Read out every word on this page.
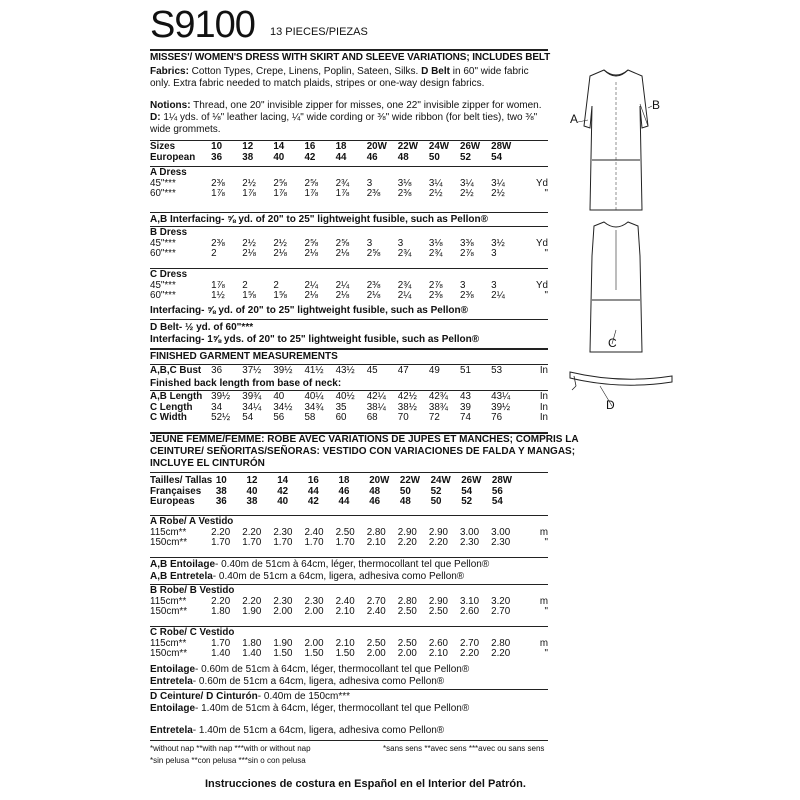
S9100 13 PIECES/PIEZAS
MISSES'/ WOMEN'S DRESS WITH SKIRT AND SLEEVE VARIATIONS; INCLUDES BELT
Fabrics: Cotton Types, Crepe, Linens, Poplin, Sateen, Silks. D Belt in 60" wide fabric only. Extra fabric needed to match plaids, stripes or one-way design fabrics.
Notions: Thread, one 20" invisible zipper for misses, one 22" invisible zipper for women. D: 1¼ yds. of ⅛" leather lacing, ¼" wide cording or ⅜" wide ribbon (for belt ties), two ⅜" wide grommets.
Sizes	10	12	14	16	18	20W	22W	24W	26W	28W	
European	36	38	40	42	44	46	48	50	52	54	
A Dress											
45"***	2⅜	2½	2⅝	2⅝	2¾	3	3⅛	3¼	3¼	3¼	Yd
60"***	1⅞	1⅞	1⅞	1⅞	1⅞	2⅜	2⅜	2½	2½	2½	"
A,B Interfacing- ⅝ yd. of 20" to 25" lightweight fusible, such as Pellon®
B Dress											
45"***	2⅜	2½	2½	2⅝	2⅝	3	3	3⅛	3⅜	3½	Yd
60"***	2	2⅛	2⅛	2⅛	2⅛	2⅝	2¾	2¾	2⅞	3	"
C Dress											
45"***	1⅞	2	2	2¼	2¼	2⅜	2¾	2⅞	3	3	Yd
60"***	1½	1⅝	1⅝	2⅛	2⅛	2⅛	2¼	2⅜	2⅜	2¼	"
Interfacing- ⅝ yd. of 20" to 25" lightweight fusible, such as Pellon®
D Belt- ½ yd. of 60"***
Interfacing- 1⅝ yds. of 20" to 25" lightweight fusible, such as Pellon®
FINISHED GARMENT MEASUREMENTS
A,B,C Bust	36	37½	39½	41½	43½	45	47	49	51	53	In
Finished back length from base of neck:
A,B Length	39½	39¾	40	40¼	40½	42¼	42½	42¾	43	43¼	In
C Length	34	34¼	34½	34¾	35	38¼	38½	38¾	39	39½	In
C Width	52½	54	56	58	60	68	70	72	74	76	In
JEUNE FEMME/FEMME: ROBE AVEC VARIATIONS DE JUPES ET MANCHES; COMPRIS LA
CEINTURE/ SEÑORITAS/SEÑORAS: VESTIDO CON VARIACIONES DE FALDA Y MANGAS;
INCLUYE EL CINTURÓN
Tailles/ Tallas	10	12	14	16	18	20W	22W	24W	26W	28W	
Françaises	38	40	42	44	46	48	50	52	54	56	
Europeas	36	38	40	42	44	46	48	50	52	54	
A Robe/ A Vestido											
115cm**	2.20	2.20	2.30	2.40	2.50	2.80	2.90	2.90	3.00	3.00	m
150cm**	1.70	1.70	1.70	1.70	1.70	2.10	2.20	2.20	2.30	2.30	"
A,B Entoilage- 0.40m de 51cm à 64cm, léger, thermocollant tel que Pellon®
A,B Entretela- 0.40m de 51cm a 64cm, ligera, adhesiva como Pellon®
B Robe/ B Vestido											
115cm**	2.20	2.20	2.30	2.30	2.40	2.70	2.80	2.90	3.10	3.20	m
150cm**	1.80	1.90	2.00	2.00	2.10	2.40	2.50	2.50	2.60	2.70	"
C Robe/ C Vestido											
115cm**	1.70	1.80	1.90	2.00	2.10	2.50	2.50	2.60	2.70	2.80	m
150cm**	1.40	1.40	1.50	1.50	1.50	2.00	2.00	2.10	2.20	2.20	"
Entoilage- 0.60m de 51cm à 64cm, léger, thermocollant tel que Pellon®
Entretela- 0.60m de 51cm a 64cm, ligera, adhesiva como Pellon®
D Ceinture/ D Cinturón- 0.40m de 150cm***
Entoilage- 1.40m de 51cm à 64cm, léger, thermocollant tel que Pellon®
Entretela- 1.40m de 51cm a 64cm, ligera, adhesiva como Pellon®
*without nap **with nap ***with or without nap	*sans sens **avec sens ***avec ou sans sens
*sin pelusa **con pelusa ***sin o con pelusa
Instrucciones de costura en Español en el Interior del Patrón.
A
B
C
D
